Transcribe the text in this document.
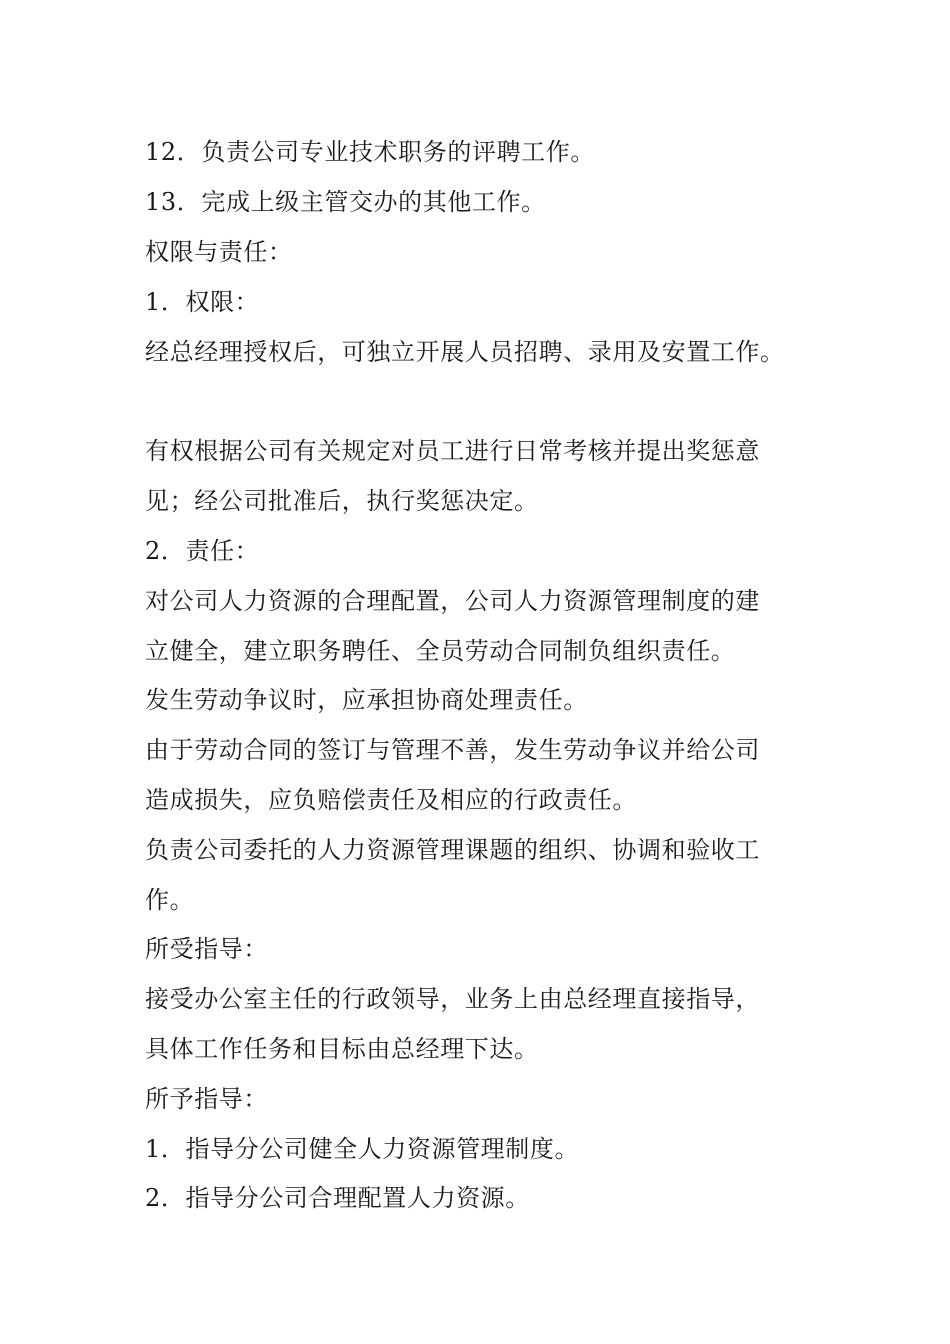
12．负责公司专业技术职务的评聘工作。

13．完成上级主管交办的其他工作。

权限与责任：

1．权限：

经总经理授权后，可独立开展人员招聘、录用及安置工作。

有权根据公司有关规定对员工进行日常考核并提出奖惩意

见；经公司批准后，执行奖惩决定。

2．责任：

对公司人力资源的合理配置，公司人力资源管理制度的建

立健全，建立职务聘任、全员劳动合同制负组织责任。

发生劳动争议时，应承担协商处理责任。

由于劳动合同的签订与管理不善，发生劳动争议并给公司

造成损失，应负赔偿责任及相应的行政责任。

负责公司委托的人力资源管理课题的组织、协调和验收工

作。

所受指导：

接受办公室主任的行政领导，业务上由总经理直接指导，

具体工作任务和目标由总经理下达。

所予指导：

1．指导分公司健全人力资源管理制度。

2．指导分公司合理配置人力资源。
